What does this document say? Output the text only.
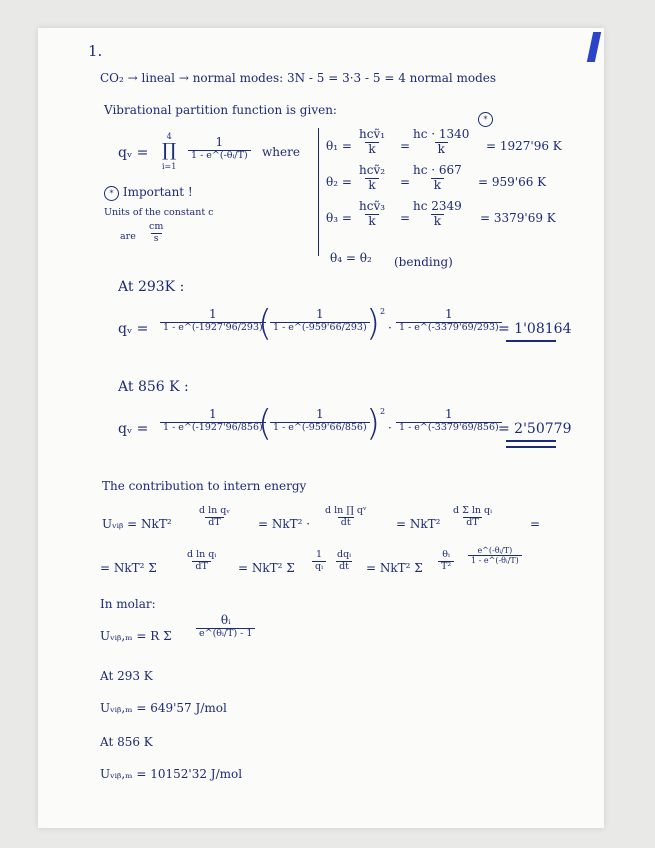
1.
CO₂ → lineal → normal modes: 3N - 5 = 3·3 - 5 = 4 normal modes
Vibrational partition function is given:
qᵥ =
4
∏
i=1
1
1 - e^(-θᵢ/T) where θ₁ =
hcṽ₁
$k = \frac{hc \cdot 1340}{k} = 1927'96$ K
*
θ₂ =
hcṽ₂
$k = \frac{hc \cdot 667}{k} = 959'66$ K
θ₃ =
hcṽ₃
$k = \frac{hc 2349}{k} = 3379'69$ K
θ₄ = θ₂ (bending)
* Important !
Units of the constant c
are $\frac{cm}{s}$
At 293K :
qᵥ =
1
1 - e^(-1927'96/293)
(	1
1 - e^(-959'66/293) ) 2
·
1
1 - e^(-3379'69/293) = 1'08164
At 856 K :
qᵥ =
1
1 - e^(-1927'96/856)
(	1
1 - e^(-959'66/856) ) 2
·
1
1 - e^(-3379'69/856) = 2'50779
The contribution to intern energy
Uᵥᵢᵦ = NkT²	$\frac{\text{d ln qᵥ}}{dT} = NkT^2 \cdot \frac{\text{d ln ∏ qᵛ}}{dt} = NkT^2 \frac{\text{d Σ ln qᵢ}}{dT}$	=
= NkT² Σ	$\frac{\text{d ln qᵢ}}{dT} = NkT^2$ Σ $\frac{1}{\text{qᵢ}}$	dqᵢ
dt = NkT² Σ $\frac{\text{θᵢ}}{\text{T²}} \frac{\text{e\textasciicircum{}(-θᵢ/T)}}{\text{1 - e\textasciicircum{}(-θᵢ/T)}}$
In molar:
Uᵥᵢᵦ,ₘ = R Σ
θᵢ
e^(θᵢ/T) - 1
At 293 K
Uᵥᵢᵦ,ₘ = 649'57 J/mol
At 856 K
Uᵥᵢᵦ,ₘ = 10152'32 J/mol
